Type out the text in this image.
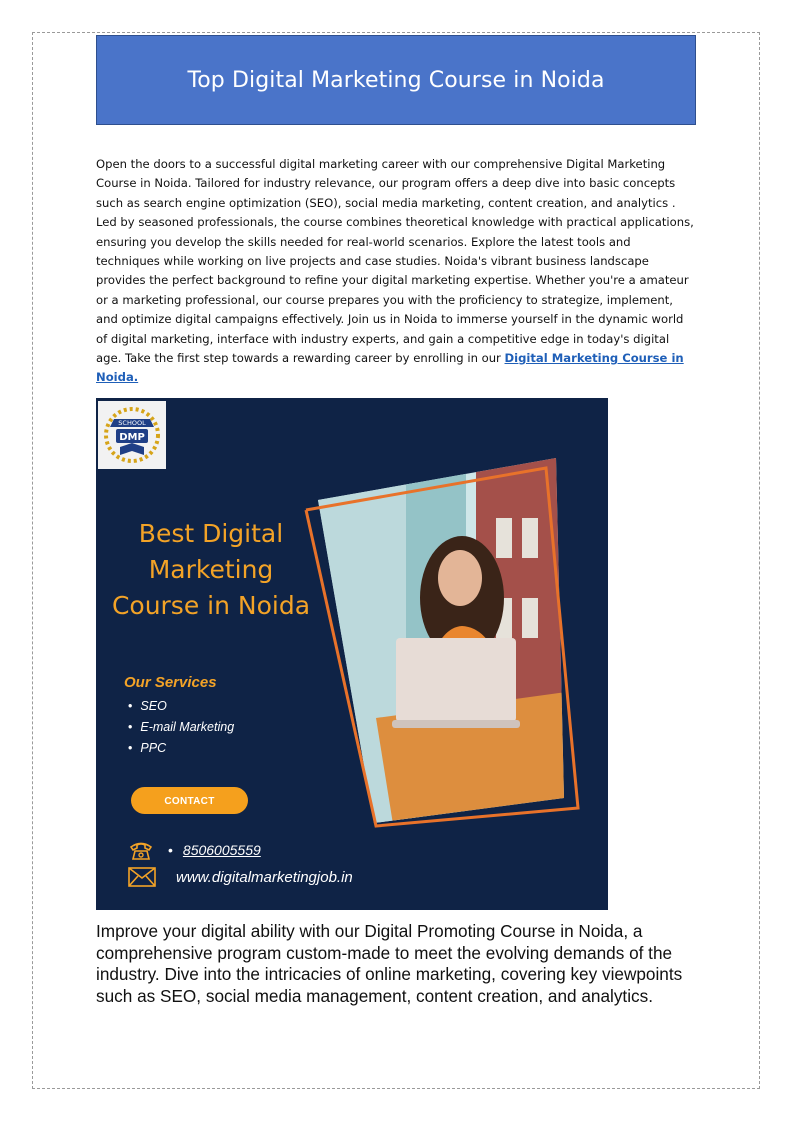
Top Digital Marketing Course in Noida

Open the doors to a successful digital marketing career with our comprehensive Digital Marketing Course in Noida. Tailored for industry relevance, our program offers a deep dive into basic concepts such as search engine optimization (SEO), social media marketing, content creation, and analytics . Led by seasoned professionals, the course combines theoretical knowledge with practical applications, ensuring you develop the skills needed for real-world scenarios. Explore the latest tools and techniques while working on live projects and case studies. Noida's vibrant business landscape provides the perfect background to refine your digital marketing expertise. Whether you're a amateur or a marketing professional, our course prepares you with the proficiency to strategize, implement, and optimize digital campaigns effectively. Join us in Noida to immerse yourself in the dynamic world of digital marketing, interface with industry experts, and gain a competitive edge in today's digital age. Take the first step towards a rewarding career by enrolling in our Digital Marketing Course in Noida.

SCHOOL
DMP
Best Digital
Marketing
Course in Noida
Our Services
• SEO
• E-mail Marketing
• PPC
CONTACT
• 8506005559
www.digitalmarketingjob.in

Improve your digital ability with our Digital Promoting Course in Noida, a comprehensive program custom-made to meet the evolving demands of the industry. Dive into the intricacies of online marketing, covering key viewpoints such as SEO, social media management, content creation, and analytics.
